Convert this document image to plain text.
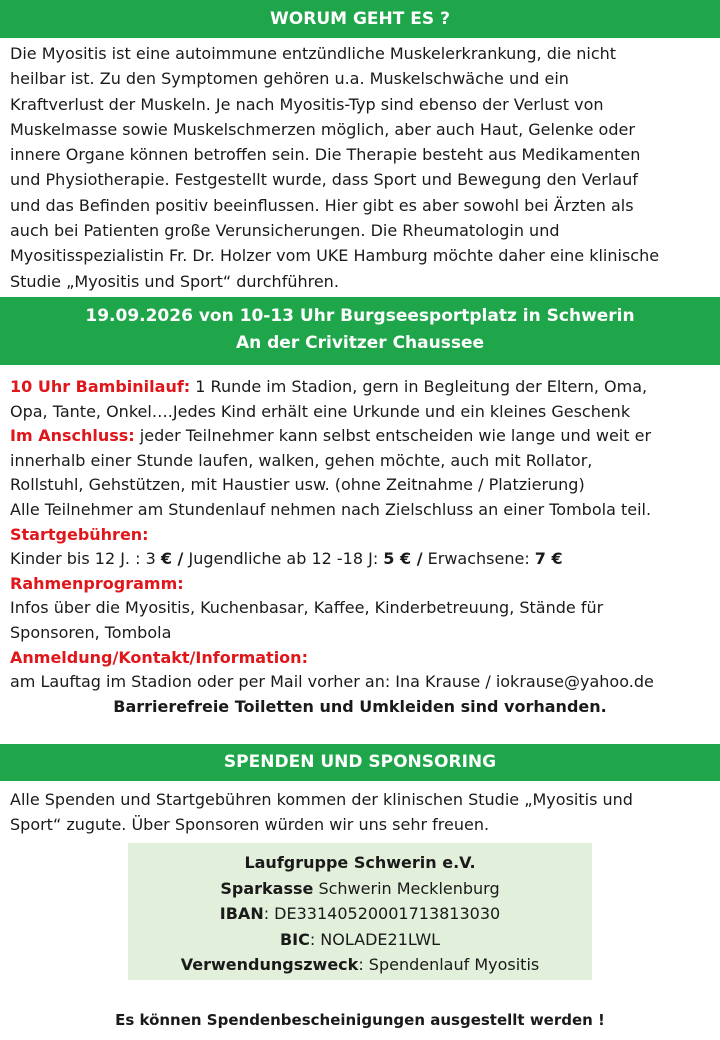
WORUM GEHT ES ?
Die Myositis ist eine autoimmune entzündliche Muskelerkrankung, die nicht
heilbar ist. Zu den Symptomen gehören u.a. Muskelschwäche und ein
Kraftverlust der Muskeln. Je nach Myositis-Typ sind ebenso der Verlust von
Muskelmasse sowie Muskelschmerzen möglich, aber auch Haut, Gelenke oder
innere Organe können betroffen sein. Die Therapie besteht aus Medikamenten
und Physiotherapie. Festgestellt wurde, dass Sport und Bewegung den Verlauf
und das Befinden positiv beeinflussen. Hier gibt es aber sowohl bei Ärzten als
auch bei Patienten große Verunsicherungen. Die Rheumatologin und
Myositisspezialistin Fr. Dr. Holzer vom UKE Hamburg möchte daher eine klinische
Studie „Myositis und Sport“ durchführen.
19.09.2026 von 10-13 Uhr Burgseesportplatz in Schwerin
An der Crivitzer Chaussee
10 Uhr Bambinilauf: 1 Runde im Stadion, gern in Begleitung der Eltern, Oma,
Opa, Tante, Onkel….Jedes Kind erhält eine Urkunde und ein kleines Geschenk
Im Anschluss: jeder Teilnehmer kann selbst entscheiden wie lange und weit er
innerhalb einer Stunde laufen, walken, gehen möchte, auch mit Rollator,
Rollstuhl, Gehstützen, mit Haustier usw. (ohne Zeitnahme / Platzierung)
Alle Teilnehmer am Stundenlauf nehmen nach Zielschluss an einer Tombola teil.
Startgebühren:
Kinder bis 12 J. : 3 € / Jugendliche ab 12 -18 J: 5 € / Erwachsene: 7 €
Rahmenprogramm:
Infos über die Myositis, Kuchenbasar, Kaffee, Kinderbetreuung, Stände für
Sponsoren, Tombola
Anmeldung/Kontakt/Information:
am Lauftag im Stadion oder per Mail vorher an: Ina Krause / iokrause@yahoo.de
Barrierefreie Toiletten und Umkleiden sind vorhanden.
SPENDEN UND SPONSORING
Alle Spenden und Startgebühren kommen der klinischen Studie „Myositis und
Sport“ zugute. Über Sponsoren würden wir uns sehr freuen.
Laufgruppe Schwerin e.V.
Sparkasse Schwerin Mecklenburg
IBAN: DE33140520001713813030
BIC: NOLADE21LWL
Verwendungszweck: Spendenlauf Myositis
Es können Spendenbescheinigungen ausgestellt werden !
